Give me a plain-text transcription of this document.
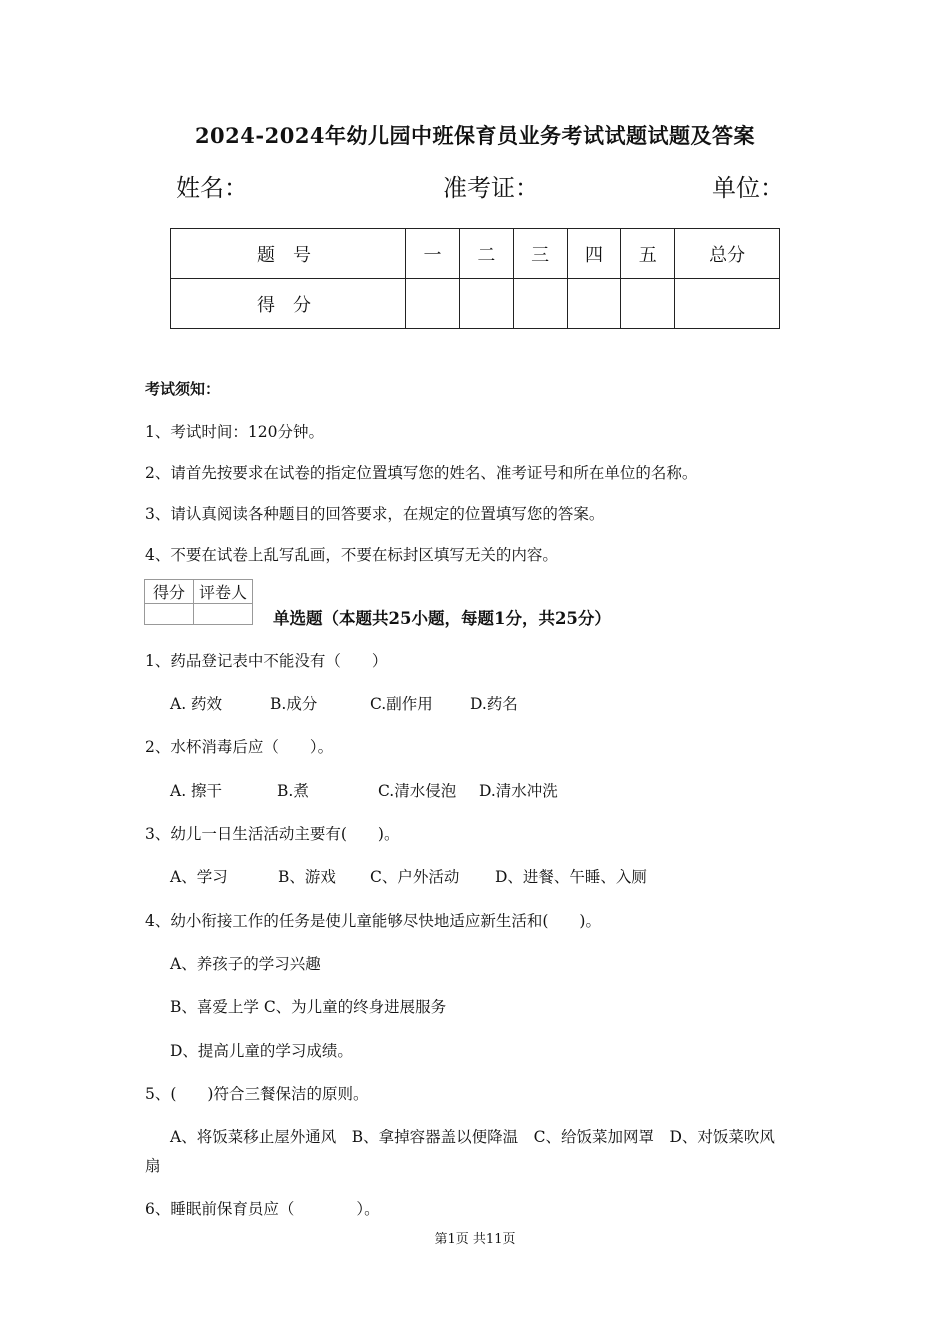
2024-2024年幼儿园中班保育员业务考试试题试题及答案
姓名：	准考证：	单位：
题号	一	二	三	四	五	总分
得分						
考试须知：
1、考试时间：120分钟。
2、请首先按要求在试卷的指定位置填写您的姓名、准考证号和所在单位的名称。
3、请认真阅读各种题目的回答要求，在规定的位置填写您的答案。
4、不要在试卷上乱写乱画，不要在标封区填写无关的内容。
得分	评卷人

单选题（本题共25小题，每题1分，共25分）
1、药品登记表中不能没有（　　）
A. 药效	B.成分	C.副作用 D.药名
2、水杯消毒后应（　　）。
A. 擦干	B.煮	C.清水侵泡 D.清水冲洗
3、幼儿一日生活活动主要有(　　)。
A、学习	B、游戏 C、户外活动 D、进餐、午睡、入厕
4、幼小衔接工作的任务是使儿童能够尽快地适应新生活和(　　)。
A、养孩子的学习兴趣
B、喜爱上学 C、为儿童的终身进展服务
D、提高儿童的学习成绩。
5、(　　)符合三餐保洁的原则。
A、将饭菜移止屋外通风　B、拿掉容器盖以便降温　C、给饭菜加网罩　D、对饭菜吹风
扇
6、睡眠前保育员应（　　　　）。
第1页 共11页
